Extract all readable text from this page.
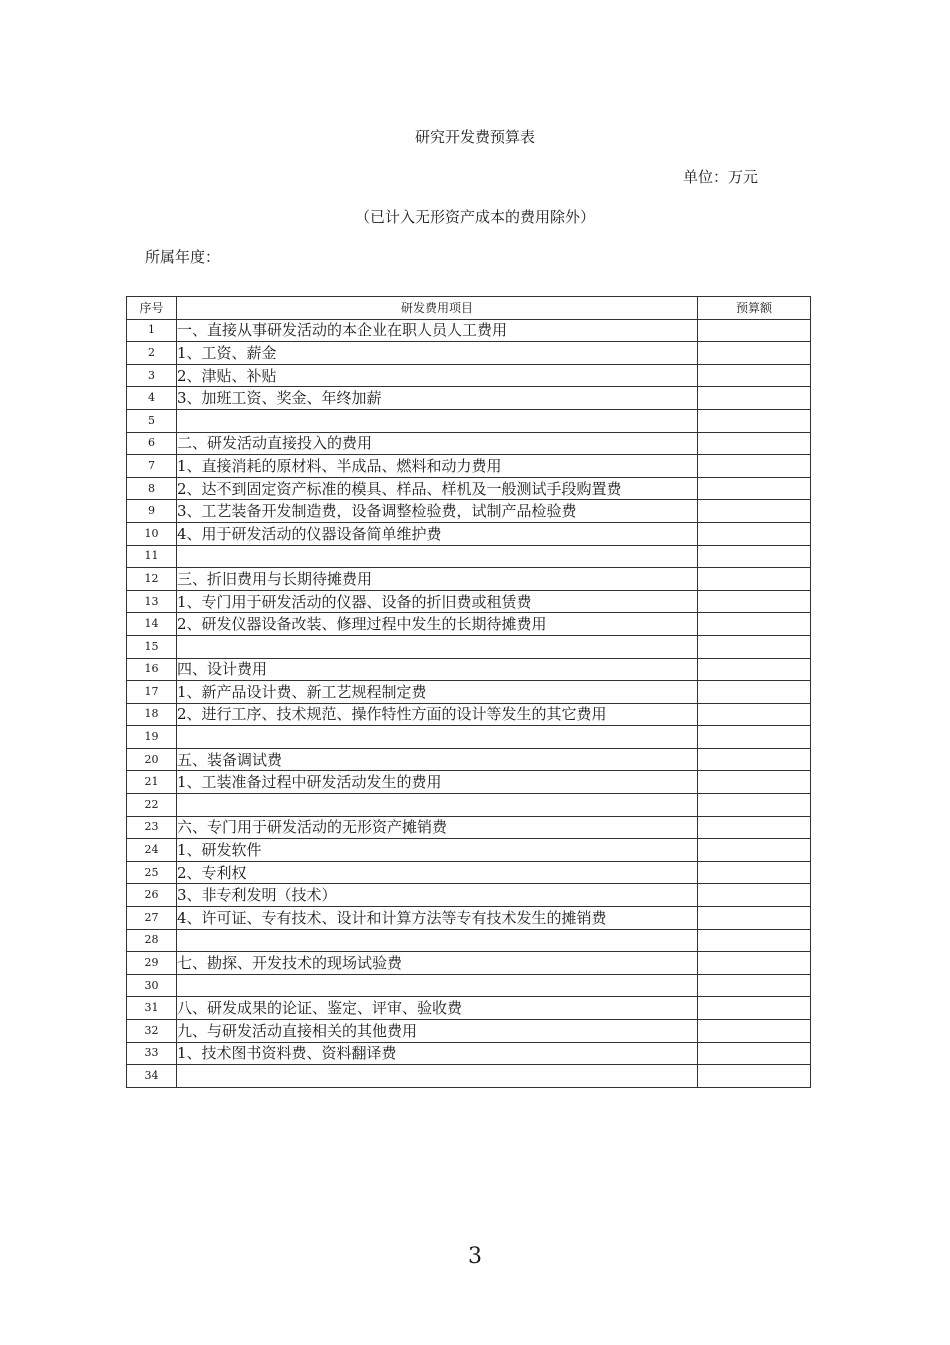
研究开发费预算表
单位：万元
（已计入无形资产成本的费用除外）
所属年度：
序号	研发费用项目	预算额
1	一、直接从事研发活动的本企业在职人员人工费用	
2	1、工资、薪金	
3	2、津贴、补贴	
4	3、加班工资、奖金、年终加薪	
5		
6	二、研发活动直接投入的费用	
7	1、直接消耗的原材料、半成品、燃料和动力费用	
8	2、达不到固定资产标准的模具、样品、样机及一般测试手段购置费	
9	3、工艺装备开发制造费，设备调整检验费，试制产品检验费	
10	4、用于研发活动的仪器设备简单维护费	
11		
12	三、折旧费用与长期待摊费用	
13	1、专门用于研发活动的仪器、设备的折旧费或租赁费	
14	2、研发仪器设备改装、修理过程中发生的长期待摊费用	
15		
16	四、设计费用	
17	1、新产品设计费、新工艺规程制定费	
18	2、进行工序、技术规范、操作特性方面的设计等发生的其它费用	
19		
20	五、装备调试费	
21	1、工装准备过程中研发活动发生的费用	
22		
23	六、专门用于研发活动的无形资产摊销费	
24	1、研发软件	
25	2、专利权	
26	3、非专利发明（技术）	
27	4、许可证、专有技术、设计和计算方法等专有技术发生的摊销费	
28		
29	七、勘探、开发技术的现场试验费	
30		
31	八、研发成果的论证、鉴定、评审、验收费	
32	九、与研发活动直接相关的其他费用	
33	1、技术图书资料费、资料翻译费	
34		
3
